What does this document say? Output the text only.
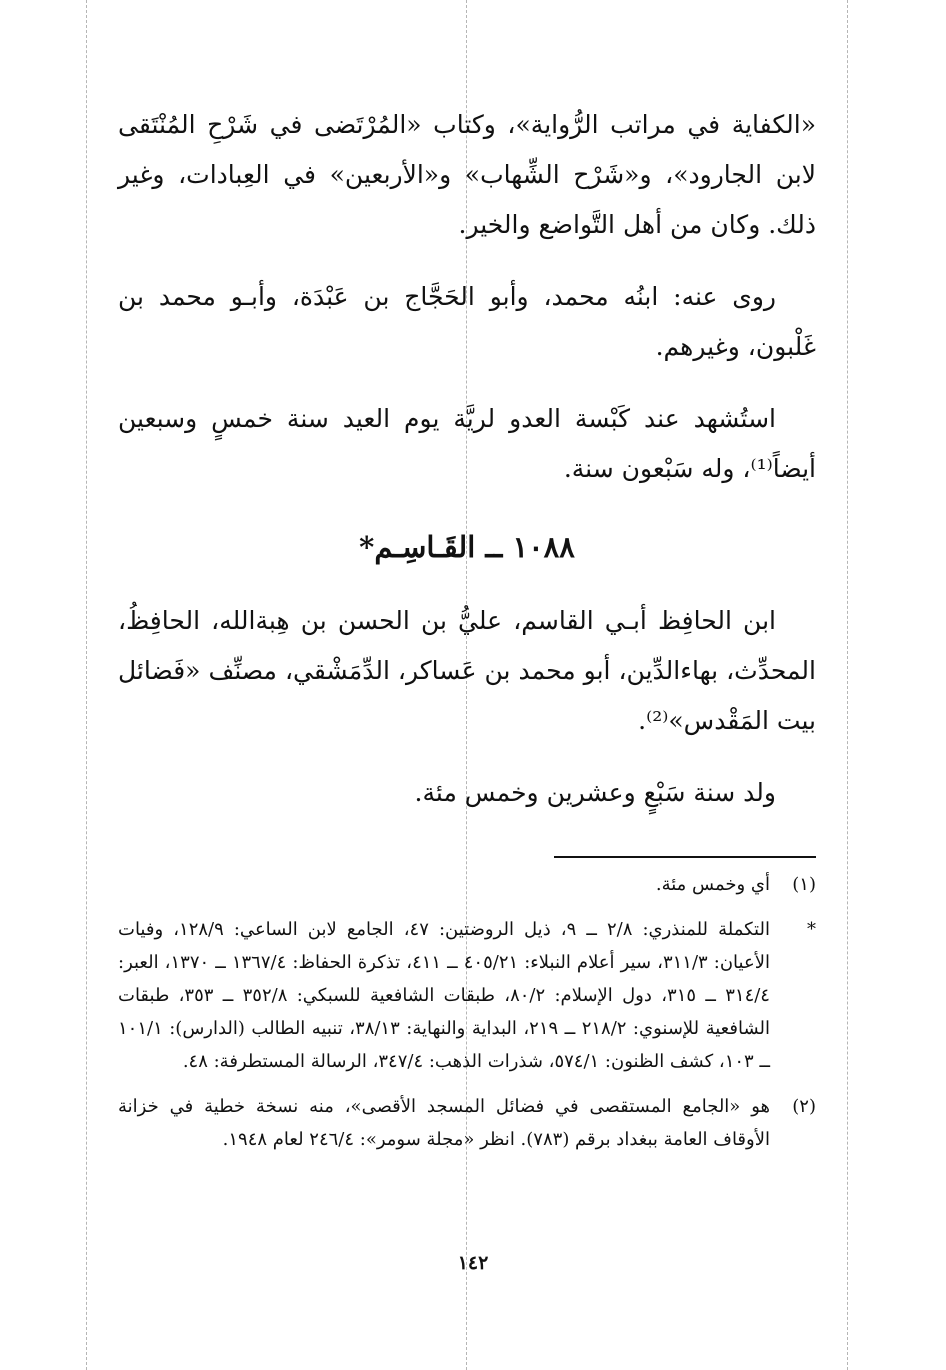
«الكفاية في مراتب الرُّواية»، وكتاب «المُرْتَضى في شَرْحِ المُنْتَقى لابن الجارود»، و«شَرْح الشِّهاب» و«الأربعين» في العِبادات، وغير ذلك. وكان من أهل التَّواضع والخير.

روى عنه: ابنُه محمد، وأبو الحَجَّاج بن عَبْدَة، وأبـو محمد بن غَلْبون، وغيرهم.

استُشهد عند كَبْسة العدو لريَّة يوم العيد سنة خمسٍ وسبعين أيضاً⁽¹⁾، وله سَبْعون سنة.

١٠٨٨ ــ القَـاسِـم*

ابن الحافِظ أبـي القاسم، عليُّ بن الحسن بن هِبةالله، الحافِظُ، المحدِّث، بهاءالدِّين، أبو محمد بن عَساكر، الدِّمَشْقي، مصنِّف «فَضائل بيت المَقْدس»⁽²⁾.

ولد سنة سَبْعٍ وعشرين وخمس مئة.

(١)
أي وخمس مئة.

*
التكملة للمنذري: ٢/٨ ــ ٩، ذيل الروضتين: ٤٧، الجامع لابن الساعي: ١٢٨/٩، وفيات الأعيان: ٣١١/٣، سير أعلام النبلاء: ٤٠٥/٢١ ــ ٤١١، تذكرة الحفاظ: ١٣٦٧/٤ ــ ١٣٧٠، العبر: ٣١٤/٤ ــ ٣١٥، دول الإسلام: ٨٠/٢، طبقات الشافعية للسبكي: ٣٥٢/٨ ــ ٣٥٣، طبقات الشافعية للإسنوي: ٢١٨/٢ ــ ٢١٩، البداية والنهاية: ٣٨/١٣، تنبيه الطالب (الدارس): ١٠١/١ ــ ١٠٣، كشف الظنون: ٥٧٤/١، شذرات الذهب: ٣٤٧/٤، الرسالة المستطرفة: ٤٨.

(٢)
هو «الجامع المستقصى في فضائل المسجد الأقصى»، منه نسخة خطية في خزانة الأوقاف العامة ببغداد برقم (٧٨٣). انظر «مجلة سومر»: ٢٤٦/٤ لعام ١٩٤٨.

١٤٢
